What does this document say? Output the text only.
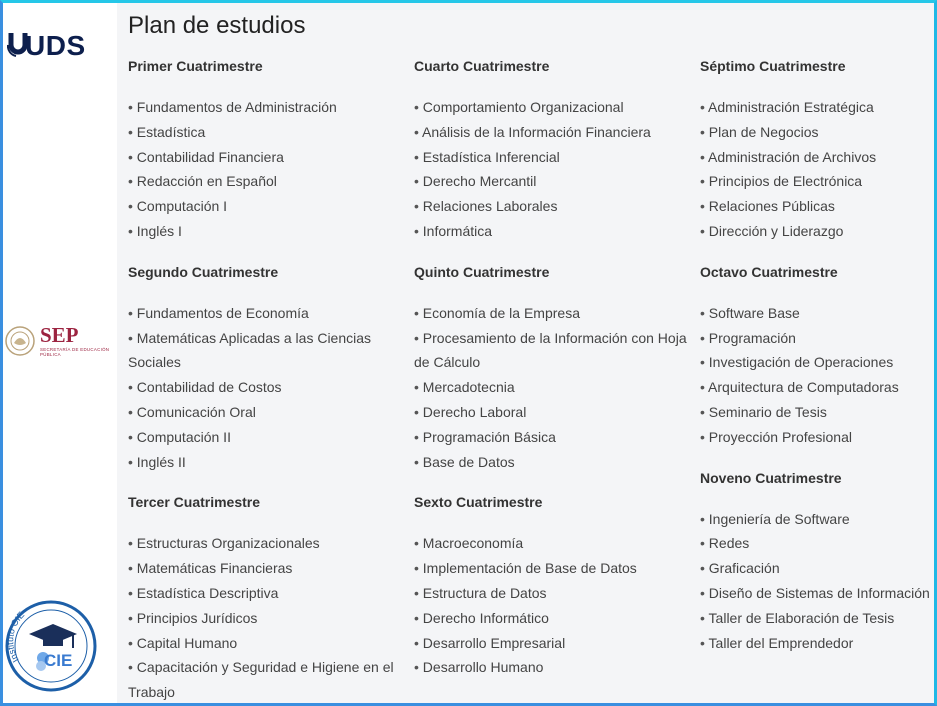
UDS
SEP
SECRETARÍA DE EDUCACIÓN PÚBLICA
Instituto CIE
CIE
Plan de estudios
Primer Cuatrimestre
• Fundamentos de Administración
• Estadística
• Contabilidad Financiera
• Redacción en Español
• Computación I
• Inglés I
Segundo Cuatrimestre
• Fundamentos de Economía
• Matemáticas Aplicadas a las Ciencias Sociales
• Contabilidad de Costos
• Comunicación Oral
• Computación II
• Inglés II
Tercer Cuatrimestre
• Estructuras Organizacionales
• Matemáticas Financieras
• Estadística Descriptiva
• Principios Jurídicos
• Capital Humano
• Capacitación y Seguridad e Higiene en el Trabajo
Cuarto Cuatrimestre
• Comportamiento Organizacional
• Análisis de la Información Financiera
• Estadística Inferencial
• Derecho Mercantil
• Relaciones Laborales
• Informática
Quinto Cuatrimestre
• Economía de la Empresa
• Procesamiento de la Información con Hoja de Cálculo
• Mercadotecnia
• Derecho Laboral
• Programación Básica
• Base de Datos
Sexto Cuatrimestre
• Macroeconomía
• Implementación de Base de Datos
• Estructura de Datos
• Derecho Informático
• Desarrollo Empresarial
• Desarrollo Humano
Séptimo Cuatrimestre
• Administración Estratégica
• Plan de Negocios
• Administración de Archivos
• Principios de Electrónica
• Relaciones Públicas
• Dirección y Liderazgo
Octavo Cuatrimestre
• Software Base
• Programación
• Investigación de Operaciones
• Arquitectura de Computadoras
• Seminario de Tesis
• Proyección Profesional
Noveno Cuatrimestre
• Ingeniería de Software
• Redes
• Graficación
• Diseño de Sistemas de Información
• Taller de Elaboración de Tesis
• Taller del Emprendedor
